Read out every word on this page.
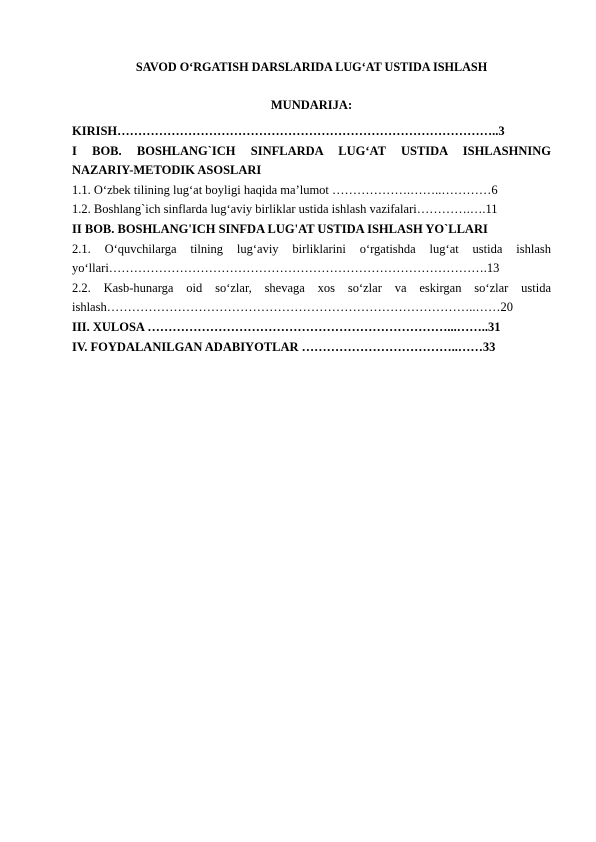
SAVOD O‘RGATISH DARSLARIDA LUG‘AT USTIDA ISHLASH
MUNDARIJA:
KIRISH………………………………………………………………………………..3
I BOB. BOSHLANG`ICH SINFLARDA LUG‘AT USTIDA ISHLASHNING
NAZARIY-METODIK ASOSLARI
1.1. O‘zbek tilining lug‘at boyligi haqida ma’lumot ……………….……..…………6
1.2. Boshlang`ich sinflarda lug‘aviy birliklar ustida ishlash vazifalari………….….11
II BOB. BOSHLANG'ICH SINFDA LUG'AT USTIDA ISHLASH YO`LLARI
2.1. O‘quvchilarga tilning lug‘aviy birliklarini o‘rgatishda lug‘at ustida ishlash
yo‘llari……………………………………………………………………………….13
2.2. Kasb-hunarga oid so‘zlar, shevaga xos so‘zlar va eskirgan so‘zlar ustida
ishlash……………………………………………………………………………..……20
III. XULOSA ………………………………………………………………...……..31
IV. FOYDALANILGAN ADABIYOTLAR ………………………………..……33
